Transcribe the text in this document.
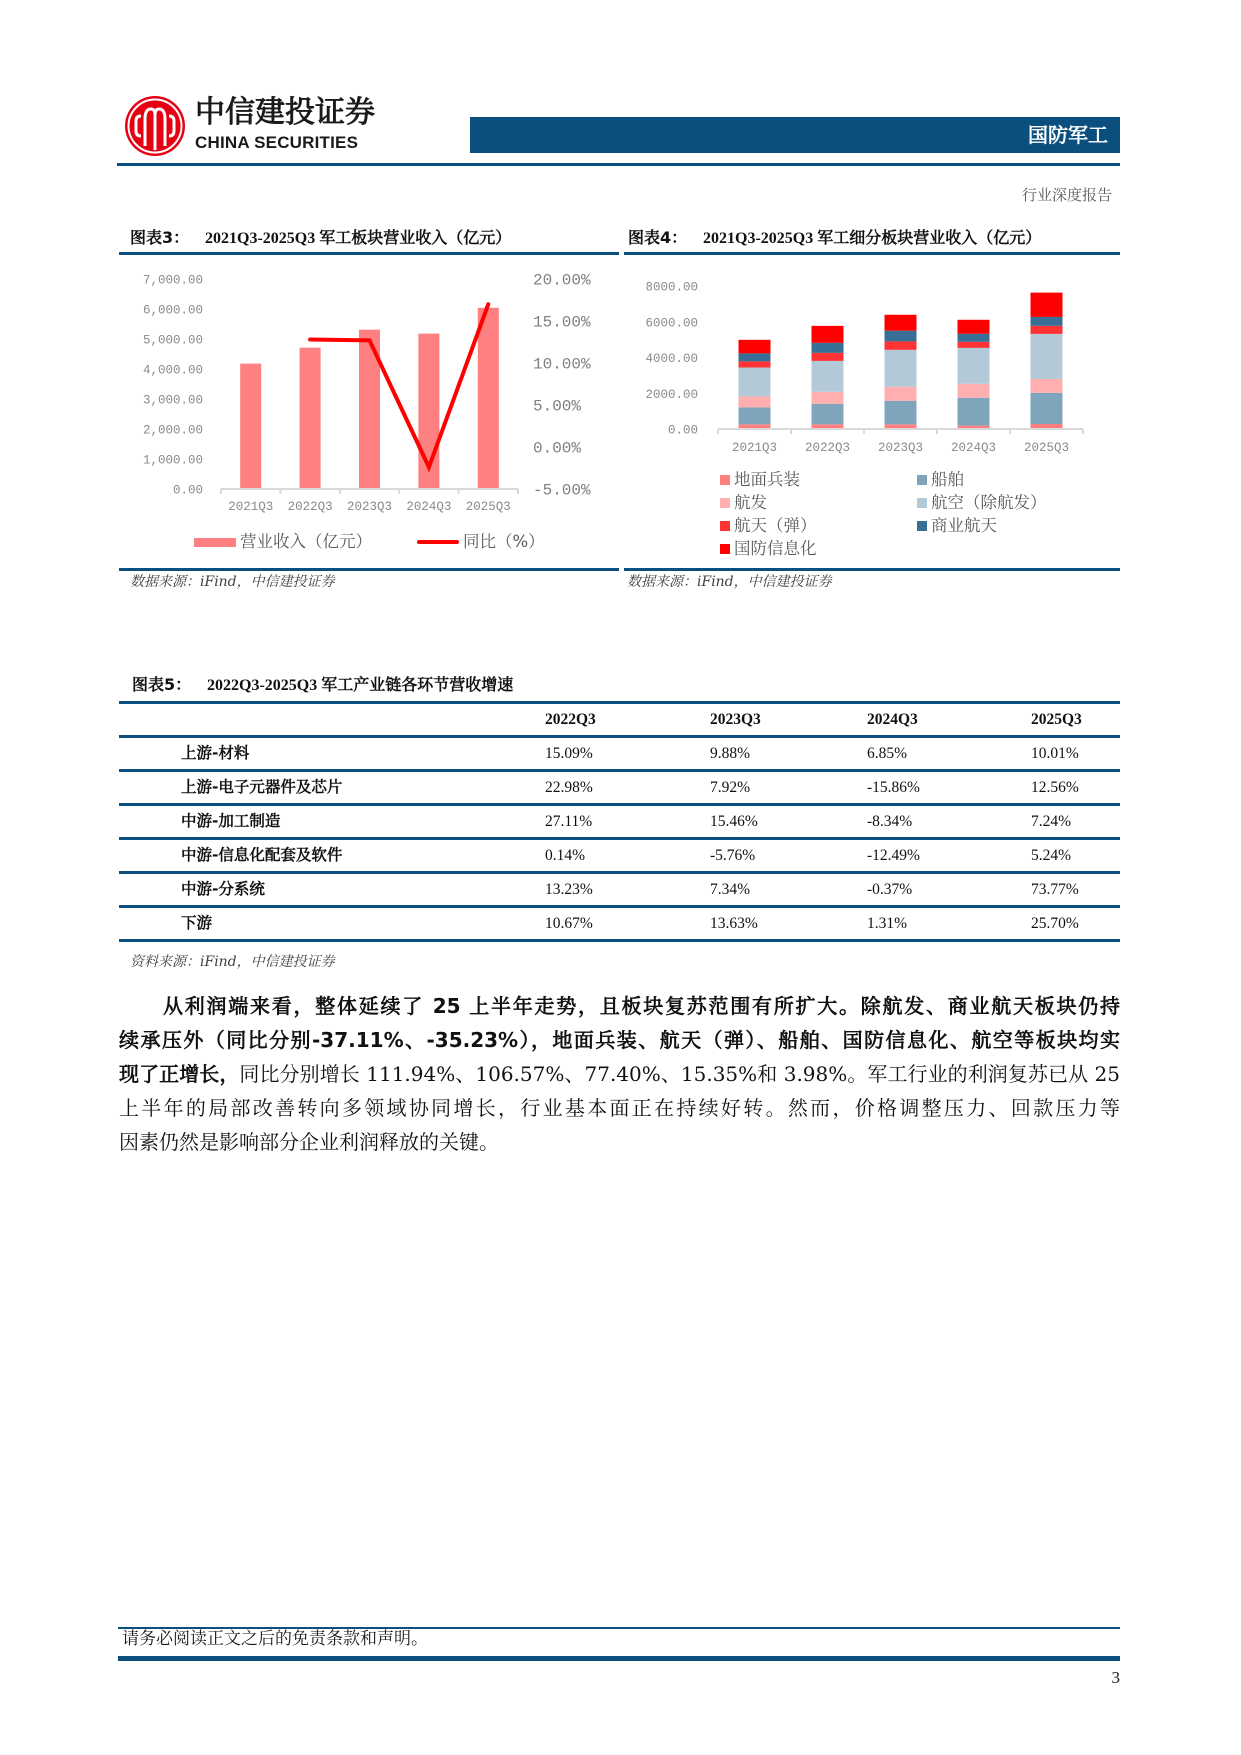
中信建投证券
CHINA SECURITIES	国防军工
行业深度报告
图表3： 2021Q3-2025Q3 军工板块营业收入（亿元）
0.00
1,000.00
2,000.00
3,000.00
4,000.00
5,000.00
6,000.00
7,000.00
-5.00%
0.00%
5.00%
10.00%
15.00%
20.00%
2021Q3 2022Q3 2023Q3 2024Q3 2025Q3
营业收入（亿元）	同比（%）
数据来源：iFind，中信建投证券
图表4： 2021Q3-2025Q3 军工细分板块营业收入（亿元）
0.00
2000.00
4000.00
6000.00
8000.00
2021Q3 2022Q3 2023Q3 2024Q3 2025Q3
地面兵装	船舶
航发	航空（除航发）
航天（弹）	商业航天
国防信息化
数据来源：iFind，中信建投证券
图表5： 2022Q3-2025Q3 军工产业链各环节营收增速
2022Q3	2023Q3	2024Q3	2025Q3
上游-材料	15.09%	9.88%	6.85%	10.01%
上游-电子元器件及芯片	22.98%	7.92%	-15.86%	12.56%
中游-加工制造	27.11%	15.46%	-8.34%	7.24%
中游-信息化配套及软件	0.14%	-5.76%	-12.49%	5.24%
中游-分系统	13.23%	7.34%	-0.37%	73.77%
下游	10.67%	13.63%	1.31%	25.70%
资料来源：iFind，中信建投证券
从利润端来看，整体延续了 25 上半年走势，且板块复苏范围有所扩大。除航发、商业航天板块仍持
续承压外（同比分别-37.11%、-35.23%），地面兵装、航天（弹）、船舶、国防信息化、航空等板块均实
现了正增长，同比分别增长 111.94%、106.57%、77.40%、15.35%和 3.98%。军工行业的利润复苏已从 25
上半年的局部改善转向多领域协同增长，行业基本面正在持续好转。然而，价格调整压力、回款压力等
因素仍然是影响部分企业利润释放的关键。
请务必阅读正文之后的免责条款和声明。
3
